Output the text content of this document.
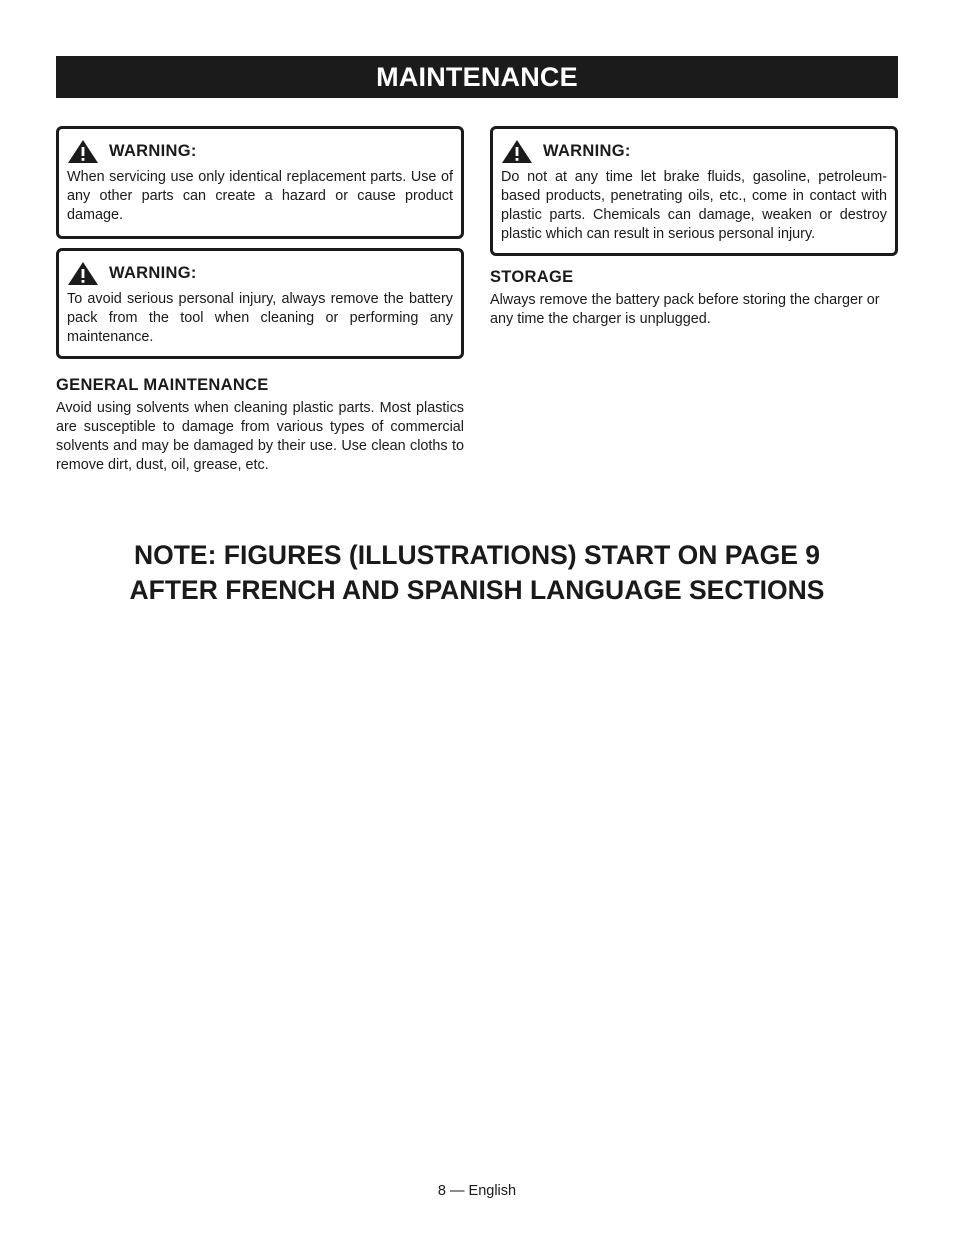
MAINTENANCE
WARNING:

When servicing use only identical replacement parts. Use of any other parts can create a hazard or cause product damage.

WARNING:

To avoid serious personal injury, always remove the battery pack from the tool when cleaning or performing any maintenance.

GENERAL MAINTENANCE

Avoid using solvents when cleaning plastic parts. Most plastics are susceptible to damage from various types of commercial solvents and may be damaged by their use. Use clean cloths to remove dirt, dust, oil, grease, etc.

WARNING:

Do not at any time let brake fluids, gasoline, petroleum-based products, penetrating oils, etc., come in contact with plastic parts. Chemicals can damage, weaken or destroy plastic which can result in serious personal injury.

STORAGE

Always remove the battery pack before storing the charger or any time the charger is unplugged.

NOTE: FIGURES (ILLUSTRATIONS) START ON PAGE 9
AFTER FRENCH AND SPANISH LANGUAGE SECTIONS
8 — English
